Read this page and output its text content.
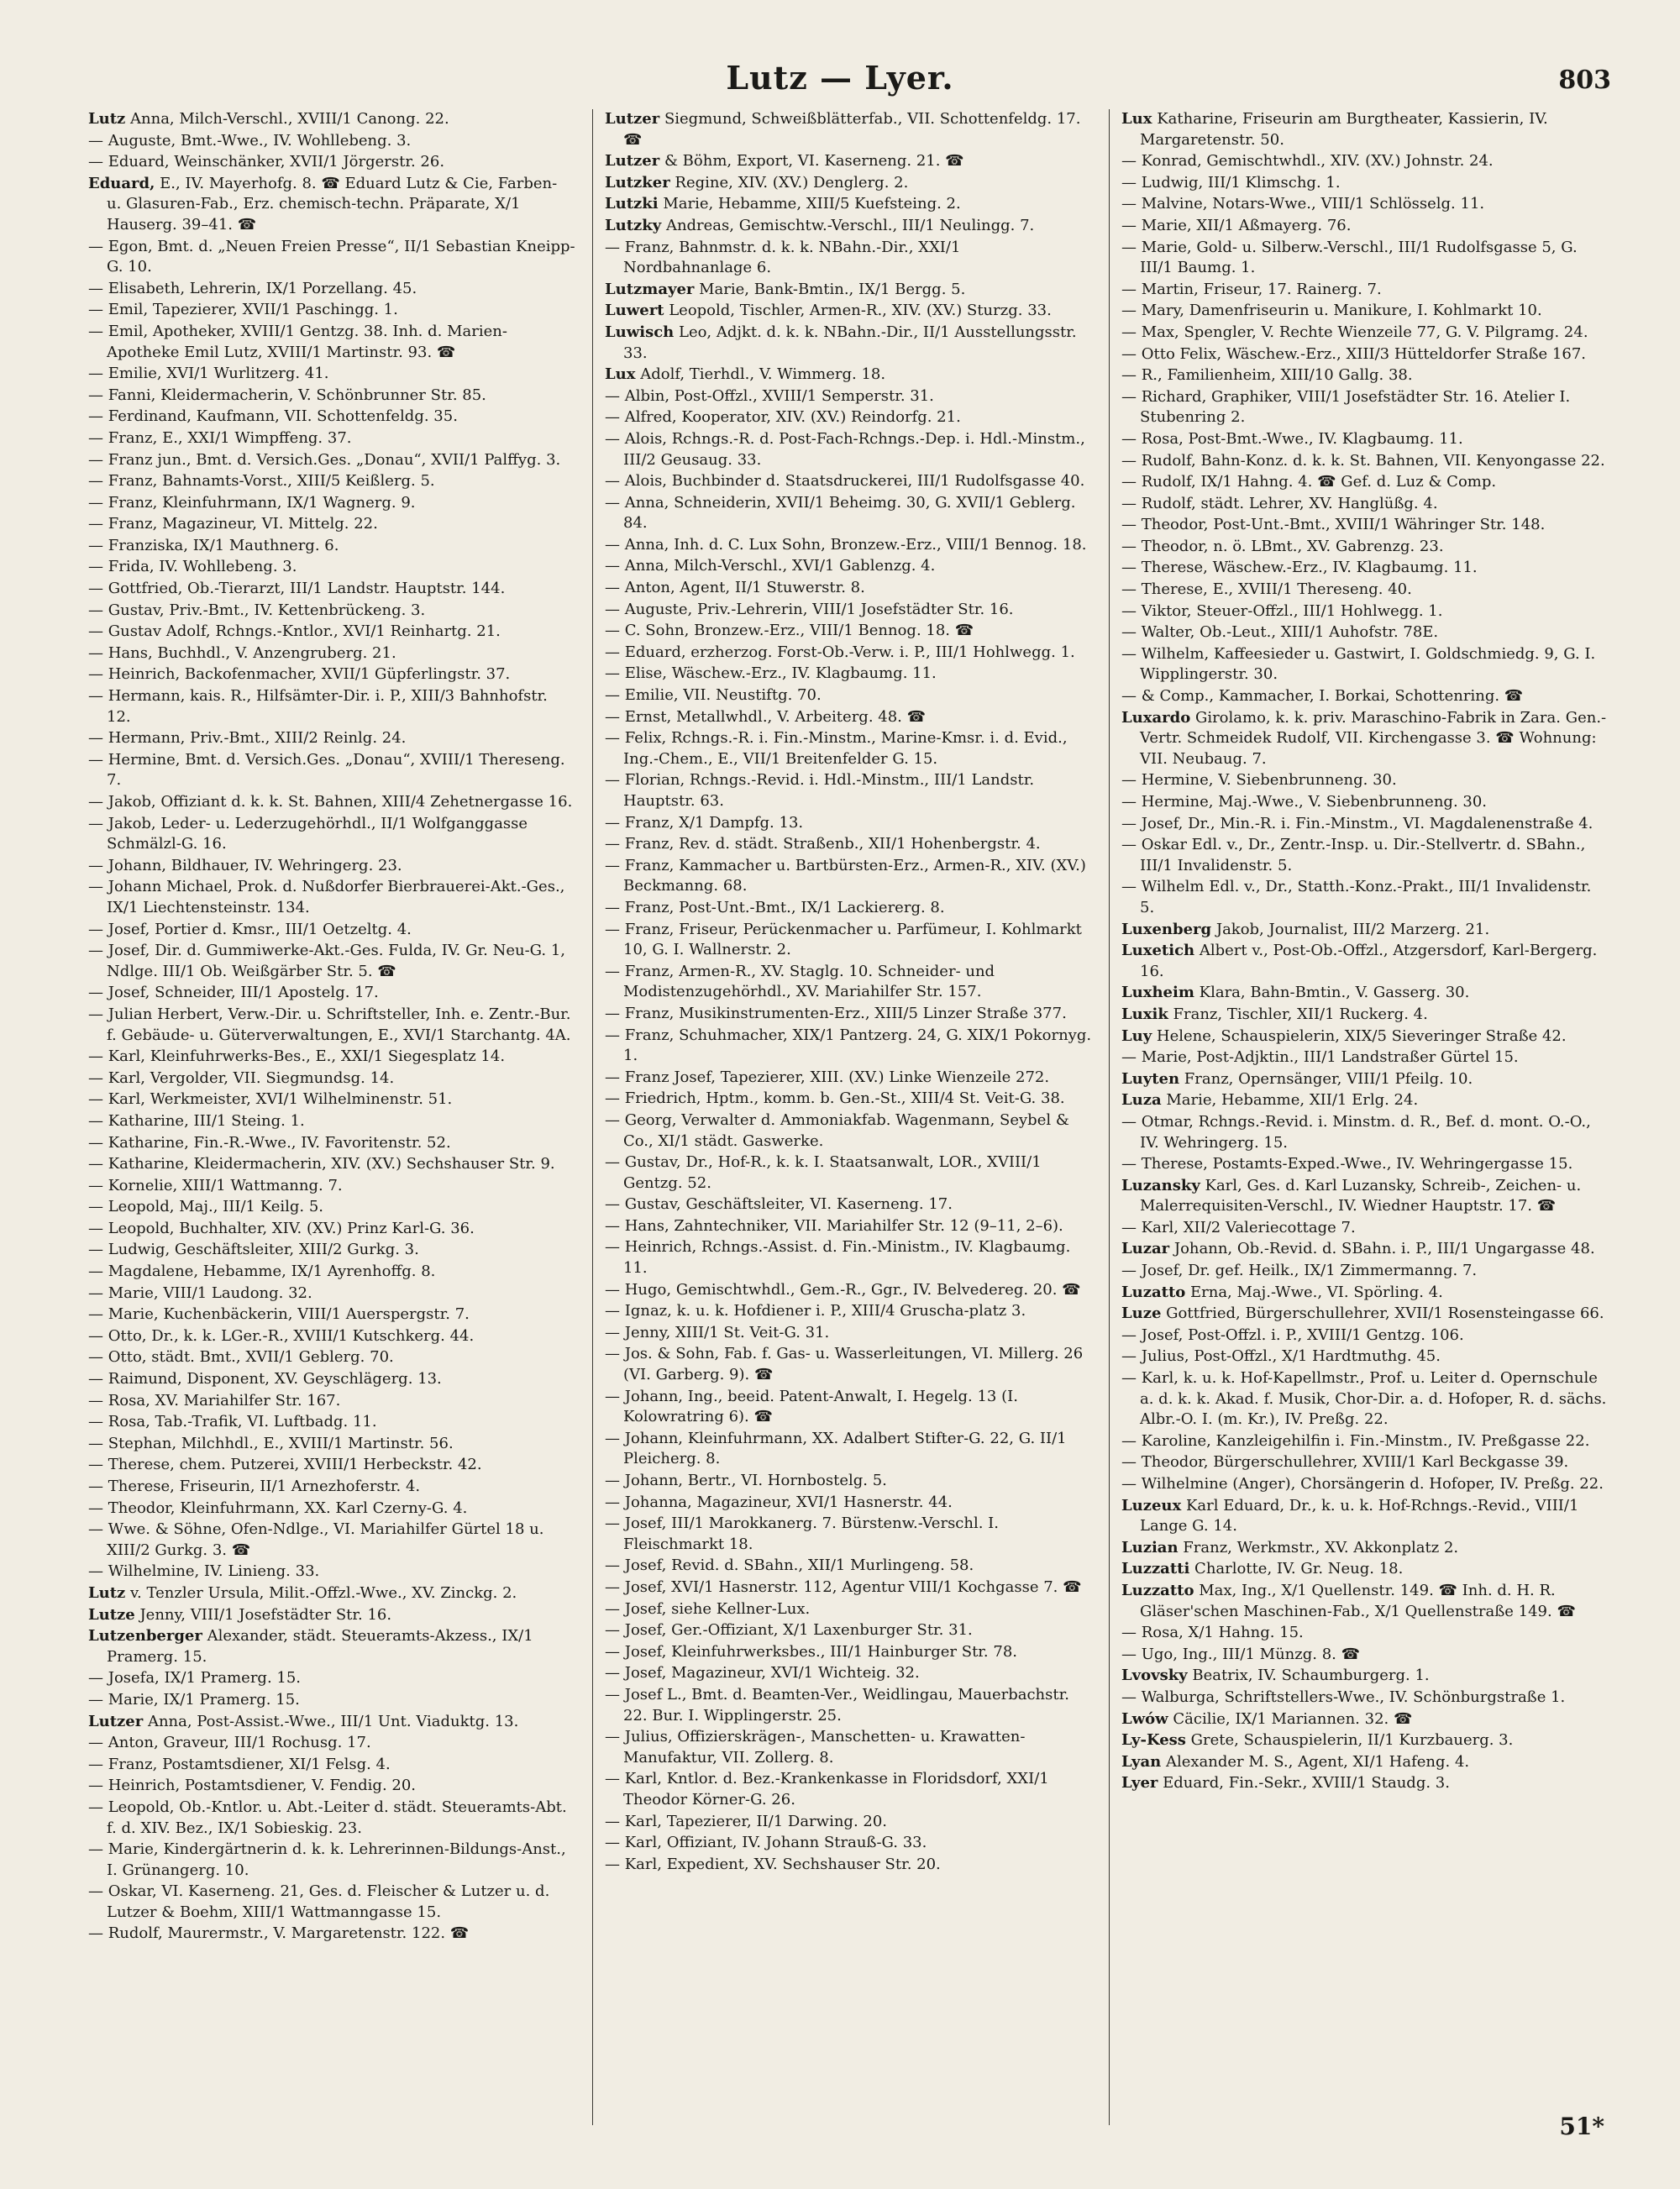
Lutz — Lyer.	803

Lutz Anna, Milch-Verschl., XVIII/1 Canong. 22.

— Auguste, Bmt.-Wwe., IV. Wohllebeng. 3.

— Eduard, Weinschänker, XVII/1 Jörgerstr. 26.

Eduard, E., IV. Mayerhofg. 8. ☎ Eduard Lutz & Cie, Farben- u. Glasuren-Fab., Erz. chemisch-techn. Präparate, X/1 Hauserg. 39–41. ☎

— Egon, Bmt. d. „Neuen Freien Presse“, II/1 Sebastian Kneipp-G. 10.

— Elisabeth, Lehrerin, IX/1 Porzellang. 45.

— Emil, Tapezierer, XVII/1 Paschingg. 1.

— Emil, Apotheker, XVIII/1 Gentzg. 38. Inh. d. Marien-Apotheke Emil Lutz, XVIII/1 Martinstr. 93. ☎

— Emilie, XVI/1 Wurlitzerg. 41.

— Fanni, Kleidermacherin, V. Schönbrunner Str. 85.

— Ferdinand, Kaufmann, VII. Schottenfeldg. 35.

— Franz, E., XXI/1 Wimpffeng. 37.

— Franz jun., Bmt. d. Versich.Ges. „Donau“, XVII/1 Palffyg. 3.

— Franz, Bahnamts-Vorst., XIII/5 Keißlerg. 5.

— Franz, Kleinfuhrmann, IX/1 Wagnerg. 9.

— Franz, Magazineur, VI. Mittelg. 22.

— Franziska, IX/1 Mauthnerg. 6.

— Frida, IV. Wohllebeng. 3.

— Gottfried, Ob.-Tierarzt, III/1 Landstr. Hauptstr. 144.

— Gustav, Priv.-Bmt., IV. Kettenbrückeng. 3.

— Gustav Adolf, Rchngs.-Kntlor., XVI/1 Reinhartg. 21.

— Hans, Buchhdl., V. Anzengruberg. 21.

— Heinrich, Backofenmacher, XVII/1 Güpferlingstr. 37.

— Hermann, kais. R., Hilfsämter-Dir. i. P., XIII/3 Bahnhofstr. 12.

— Hermann, Priv.-Bmt., XIII/2 Reinlg. 24.

— Hermine, Bmt. d. Versich.Ges. „Donau“, XVIII/1 Thereseng. 7.

— Jakob, Offiziant d. k. k. St. Bahnen, XIII/4 Zehetnergasse 16.

— Jakob, Leder- u. Lederzugehörhdl., II/1 Wolfganggasse Schmälzl-G. 16.

— Johann, Bildhauer, IV. Wehringerg. 23.

— Johann Michael, Prok. d. Nußdorfer Bierbrauerei-Akt.-Ges., IX/1 Liechtensteinstr. 134.

— Josef, Portier d. Kmsr., III/1 Oetzeltg. 4.

— Josef, Dir. d. Gummiwerke-Akt.-Ges. Fulda, IV. Gr. Neu-G. 1, Ndlge. III/1 Ob. Weißgärber Str. 5. ☎

— Josef, Schneider, III/1 Apostelg. 17.

— Julian Herbert, Verw.-Dir. u. Schriftsteller, Inh. e. Zentr.-Bur. f. Gebäude- u. Güterverwaltungen, E., XVI/1 Starchantg. 4A.

— Karl, Kleinfuhrwerks-Bes., E., XXI/1 Siegesplatz 14.

— Karl, Vergolder, VII. Siegmundsg. 14.

— Karl, Werkmeister, XVI/1 Wilhelminenstr. 51.

— Katharine, III/1 Steing. 1.

— Katharine, Fin.-R.-Wwe., IV. Favoritenstr. 52.

— Katharine, Kleidermacherin, XIV. (XV.) Sechshauser Str. 9.

— Kornelie, XIII/1 Wattmanng. 7.

— Leopold, Maj., III/1 Keilg. 5.

— Leopold, Buchhalter, XIV. (XV.) Prinz Karl-G. 36.

— Ludwig, Geschäftsleiter, XIII/2 Gurkg. 3.

— Magdalene, Hebamme, IX/1 Ayrenhoffg. 8.

— Marie, VIII/1 Laudong. 32.

— Marie, Kuchenbäckerin, VIII/1 Auerspergstr. 7.

— Otto, Dr., k. k. LGer.-R., XVIII/1 Kutschkerg. 44.

— Otto, städt. Bmt., XVII/1 Geblerg. 70.

— Raimund, Disponent, XV. Geyschlägerg. 13.

— Rosa, XV. Mariahilfer Str. 167.

— Rosa, Tab.-Trafik, VI. Luftbadg. 11.

— Stephan, Milchhdl., E., XVIII/1 Martinstr. 56.

— Therese, chem. Putzerei, XVIII/1 Herbeckstr. 42.

— Therese, Friseurin, II/1 Arnezhoferstr. 4.

— Theodor, Kleinfuhrmann, XX. Karl Czerny-G. 4.

— Wwe. & Söhne, Ofen-Ndlge., VI. Mariahilfer Gürtel 18 u. XIII/2 Gurkg. 3. ☎

— Wilhelmine, IV. Linieng. 33.

Lutz v. Tenzler Ursula, Milit.-Offzl.-Wwe., XV. Zinckg. 2.

Lutze Jenny, VIII/1 Josefstädter Str. 16.

Lutzenberger Alexander, städt. Steueramts-Akzess., IX/1 Pramerg. 15.

— Josefa, IX/1 Pramerg. 15.

— Marie, IX/1 Pramerg. 15.

Lutzer Anna, Post-Assist.-Wwe., III/1 Unt. Viaduktg. 13.

— Anton, Graveur, III/1 Rochusg. 17.

— Franz, Postamtsdiener, XI/1 Felsg. 4.

— Heinrich, Postamtsdiener, V. Fendig. 20.

— Leopold, Ob.-Kntlor. u. Abt.-Leiter d. städt. Steueramts-Abt. f. d. XIV. Bez., IX/1 Sobieskig. 23.

— Marie, Kindergärtnerin d. k. k. Lehrerinnen-Bildungs-Anst., I. Grünangerg. 10.

— Oskar, VI. Kaserneng. 21, Ges. d. Fleischer & Lutzer u. d. Lutzer & Boehm, XIII/1 Wattmanngasse 15.

— Rudolf, Maurermstr., V. Margaretenstr. 122. ☎

Lutzer Siegmund, Schweißblätterfab., VII. Schottenfeldg. 17. ☎

Lutzer & Böhm, Export, VI. Kaserneng. 21. ☎

Lutzker Regine, XIV. (XV.) Denglerg. 2.

Lutzki Marie, Hebamme, XIII/5 Kuefsteing. 2.

Lutzky Andreas, Gemischtw.-Verschl., III/1 Neulingg. 7.

— Franz, Bahnmstr. d. k. k. NBahn.-Dir., XXI/1 Nordbahnanlage 6.

Lutzmayer Marie, Bank-Bmtin., IX/1 Bergg. 5.

Luwert Leopold, Tischler, Armen-R., XIV. (XV.) Sturzg. 33.

Luwisch Leo, Adjkt. d. k. k. NBahn.-Dir., II/1 Ausstellungsstr. 33.

Lux Adolf, Tierhdl., V. Wimmerg. 18.

— Albin, Post-Offzl., XVIII/1 Semperstr. 31.

— Alfred, Kooperator, XIV. (XV.) Reindorfg. 21.

— Alois, Rchngs.-R. d. Post-Fach-Rchngs.-Dep. i. Hdl.-Minstm., III/2 Geusaug. 33.

— Alois, Buchbinder d. Staatsdruckerei, III/1 Rudolfsgasse 40.

— Anna, Schneiderin, XVII/1 Beheimg. 30, G. XVII/1 Geblerg. 84.

— Anna, Inh. d. C. Lux Sohn, Bronzew.-Erz., VIII/1 Bennog. 18.

— Anna, Milch-Verschl., XVI/1 Gablenzg. 4.

— Anton, Agent, II/1 Stuwerstr. 8.

— Auguste, Priv.-Lehrerin, VIII/1 Josefstädter Str. 16.

— C. Sohn, Bronzew.-Erz., VIII/1 Bennog. 18. ☎

— Eduard, erzherzog. Forst-Ob.-Verw. i. P., III/1 Hohlwegg. 1.

— Elise, Wäschew.-Erz., IV. Klagbaumg. 11.

— Emilie, VII. Neustiftg. 70.

— Ernst, Metallwhdl., V. Arbeiterg. 48. ☎

— Felix, Rchngs.-R. i. Fin.-Minstm., Marine-Kmsr. i. d. Evid., Ing.-Chem., E., VII/1 Breitenfelder G. 15.

— Florian, Rchngs.-Revid. i. Hdl.-Minstm., III/1 Landstr. Hauptstr. 63.

— Franz, X/1 Dampfg. 13.

— Franz, Rev. d. städt. Straßenb., XII/1 Hohenbergstr. 4.

— Franz, Kammacher u. Bartbürsten-Erz., Armen-R., XIV. (XV.) Beckmanng. 68.

— Franz, Post-Unt.-Bmt., IX/1 Lackiererg. 8.

— Franz, Friseur, Perückenmacher u. Parfümeur, I. Kohlmarkt 10, G. I. Wallnerstr. 2.

— Franz, Armen-R., XV. Staglg. 10. Schneider- und Modistenzugehörhdl., XV. Mariahilfer Str. 157.

— Franz, Musikinstrumenten-Erz., XIII/5 Linzer Straße 377.

— Franz, Schuhmacher, XIX/1 Pantzerg. 24, G. XIX/1 Pokornyg. 1.

— Franz Josef, Tapezierer, XIII. (XV.) Linke Wienzeile 272.

— Friedrich, Hptm., komm. b. Gen.-St., XIII/4 St. Veit-G. 38.

— Georg, Verwalter d. Ammoniakfab. Wagenmann, Seybel & Co., XI/1 städt. Gaswerke.

— Gustav, Dr., Hof-R., k. k. I. Staatsanwalt, LOR., XVIII/1 Gentzg. 52.

— Gustav, Geschäftsleiter, VI. Kaserneng. 17.

— Hans, Zahntechniker, VII. Mariahilfer Str. 12 (9–11, 2–6).

— Heinrich, Rchngs.-Assist. d. Fin.-Ministm., IV. Klagbaumg. 11.

— Hugo, Gemischtwhdl., Gem.-R., Ggr., IV. Belvedereg. 20. ☎

— Ignaz, k. u. k. Hofdiener i. P., XIII/4 Gruscha-platz 3.

— Jenny, XIII/1 St. Veit-G. 31.

— Jos. & Sohn, Fab. f. Gas- u. Wasserleitungen, VI. Millerg. 26 (VI. Garberg. 9). ☎

— Johann, Ing., beeid. Patent-Anwalt, I. Hegelg. 13 (I. Kolowratring 6). ☎

— Johann, Kleinfuhrmann, XX. Adalbert Stifter-G. 22, G. II/1 Pleicherg. 8.

— Johann, Bertr., VI. Hornbostelg. 5.

— Johanna, Magazineur, XVI/1 Hasnerstr. 44.

— Josef, III/1 Marokkanerg. 7. Bürstenw.-Verschl. I. Fleischmarkt 18.

— Josef, Revid. d. SBahn., XII/1 Murlingeng. 58.

— Josef, XVI/1 Hasnerstr. 112, Agentur VIII/1 Kochgasse 7. ☎

— Josef, siehe Kellner-Lux.

— Josef, Ger.-Offiziant, X/1 Laxenburger Str. 31.

— Josef, Kleinfuhrwerksbes., III/1 Hainburger Str. 78.

— Josef, Magazineur, XVI/1 Wichteig. 32.

— Josef L., Bmt. d. Beamten-Ver., Weidlingau, Mauerbachstr. 22. Bur. I. Wipplingerstr. 25.

— Julius, Offizierskrägen-, Manschetten- u. Krawatten-Manufaktur, VII. Zollerg. 8.

— Karl, Kntlor. d. Bez.-Krankenkasse in Floridsdorf, XXI/1 Theodor Körner-G. 26.

— Karl, Tapezierer, II/1 Darwing. 20.

— Karl, Offiziant, IV. Johann Strauß-G. 33.

— Karl, Expedient, XV. Sechshauser Str. 20.

Lux Katharine, Friseurin am Burgtheater, Kassierin, IV. Margaretenstr. 50.

— Konrad, Gemischtwhdl., XIV. (XV.) Johnstr. 24.

— Ludwig, III/1 Klimschg. 1.

— Malvine, Notars-Wwe., VIII/1 Schlösselg. 11.

— Marie, XII/1 Aßmayerg. 76.

— Marie, Gold- u. Silberw.-Verschl., III/1 Rudolfsgasse 5, G. III/1 Baumg. 1.

— Martin, Friseur, 17. Rainerg. 7.

— Mary, Damenfriseurin u. Manikure, I. Kohlmarkt 10.

— Max, Spengler, V. Rechte Wienzeile 77, G. V. Pilgramg. 24.

— Otto Felix, Wäschew.-Erz., XIII/3 Hütteldorfer Straße 167.

— R., Familienheim, XIII/10 Gallg. 38.

— Richard, Graphiker, VIII/1 Josefstädter Str. 16. Atelier I. Stubenring 2.

— Rosa, Post-Bmt.-Wwe., IV. Klagbaumg. 11.

— Rudolf, Bahn-Konz. d. k. k. St. Bahnen, VII. Kenyongasse 22.

— Rudolf, IX/1 Hahng. 4. ☎ Gef. d. Luz & Comp.

— Rudolf, städt. Lehrer, XV. Hanglüßg. 4.

— Theodor, Post-Unt.-Bmt., XVIII/1 Währinger Str. 148.

— Theodor, n. ö. LBmt., XV. Gabrenzg. 23.

— Therese, Wäschew.-Erz., IV. Klagbaumg. 11.

— Therese, E., XVIII/1 Thereseng. 40.

— Viktor, Steuer-Offzl., III/1 Hohlwegg. 1.

— Walter, Ob.-Leut., XIII/1 Auhofstr. 78E.

— Wilhelm, Kaffeesieder u. Gastwirt, I. Goldschmiedg. 9, G. I. Wipplingerstr. 30.

— & Comp., Kammacher, I. Borkai, Schottenring. ☎

Luxardo Girolamo, k. k. priv. Maraschino-Fabrik in Zara. Gen.-Vertr. Schmeidek Rudolf, VII. Kirchengasse 3. ☎ Wohnung: VII. Neubaug. 7.

— Hermine, V. Siebenbrunneng. 30.

— Hermine, Maj.-Wwe., V. Siebenbrunneng. 30.

— Josef, Dr., Min.-R. i. Fin.-Minstm., VI. Magdalenenstraße 4.

— Oskar Edl. v., Dr., Zentr.-Insp. u. Dir.-Stellvertr. d. SBahn., III/1 Invalidenstr. 5.

— Wilhelm Edl. v., Dr., Statth.-Konz.-Prakt., III/1 Invalidenstr. 5.

Luxenberg Jakob, Journalist, III/2 Marzerg. 21.

Luxetich Albert v., Post-Ob.-Offzl., Atzgersdorf, Karl-Bergerg. 16.

Luxheim Klara, Bahn-Bmtin., V. Gasserg. 30.

Luxik Franz, Tischler, XII/1 Ruckerg. 4.

Luy Helene, Schauspielerin, XIX/5 Sieveringer Straße 42.

— Marie, Post-Adjktin., III/1 Landstraßer Gürtel 15.

Luyten Franz, Opernsänger, VIII/1 Pfeilg. 10.

Luza Marie, Hebamme, XII/1 Erlg. 24.

— Otmar, Rchngs.-Revid. i. Minstm. d. R., Bef. d. mont. O.-O., IV. Wehringerg. 15.

— Therese, Postamts-Exped.-Wwe., IV. Wehringergasse 15.

Luzansky Karl, Ges. d. Karl Luzansky, Schreib-, Zeichen- u. Malerrequisiten-Verschl., IV. Wiedner Hauptstr. 17. ☎

— Karl, XII/2 Valeriecottage 7.

Luzar Johann, Ob.-Revid. d. SBahn. i. P., III/1 Ungargasse 48.

— Josef, Dr. gef. Heilk., IX/1 Zimmermanng. 7.

Luzatto Erna, Maj.-Wwe., VI. Spörling. 4.

Luze Gottfried, Bürgerschullehrer, XVII/1 Rosensteingasse 66.

— Josef, Post-Offzl. i. P., XVIII/1 Gentzg. 106.

— Julius, Post-Offzl., X/1 Hardtmuthg. 45.

— Karl, k. u. k. Hof-Kapellmstr., Prof. u. Leiter d. Opernschule a. d. k. k. Akad. f. Musik, Chor-Dir. a. d. Hofoper, R. d. sächs. Albr.-O. I. (m. Kr.), IV. Preßg. 22.

— Karoline, Kanzleigehilfin i. Fin.-Minstm., IV. Preßgasse 22.

— Theodor, Bürgerschullehrer, XVIII/1 Karl Beckgasse 39.

— Wilhelmine (Anger), Chorsängerin d. Hofoper, IV. Preßg. 22.

Luzeux Karl Eduard, Dr., k. u. k. Hof-Rchngs.-Revid., VIII/1 Lange G. 14.

Luzian Franz, Werkmstr., XV. Akkonplatz 2.

Luzzatti Charlotte, IV. Gr. Neug. 18.

Luzzatto Max, Ing., X/1 Quellenstr. 149. ☎ Inh. d. H. R. Gläser'schen Maschinen-Fab., X/1 Quellenstraße 149. ☎

— Rosa, X/1 Hahng. 15.

— Ugo, Ing., III/1 Münzg. 8. ☎

Lvovsky Beatrix, IV. Schaumburgerg. 1.

— Walburga, Schriftstellers-Wwe., IV. Schönburgstraße 1.

Lwów Cäcilie, IX/1 Mariannen. 32. ☎

Ly-Kess Grete, Schauspielerin, II/1 Kurzbauerg. 3.

Lyan Alexander M. S., Agent, XI/1 Hafeng. 4.

Lyer Eduard, Fin.-Sekr., XVIII/1 Staudg. 3.

51*
